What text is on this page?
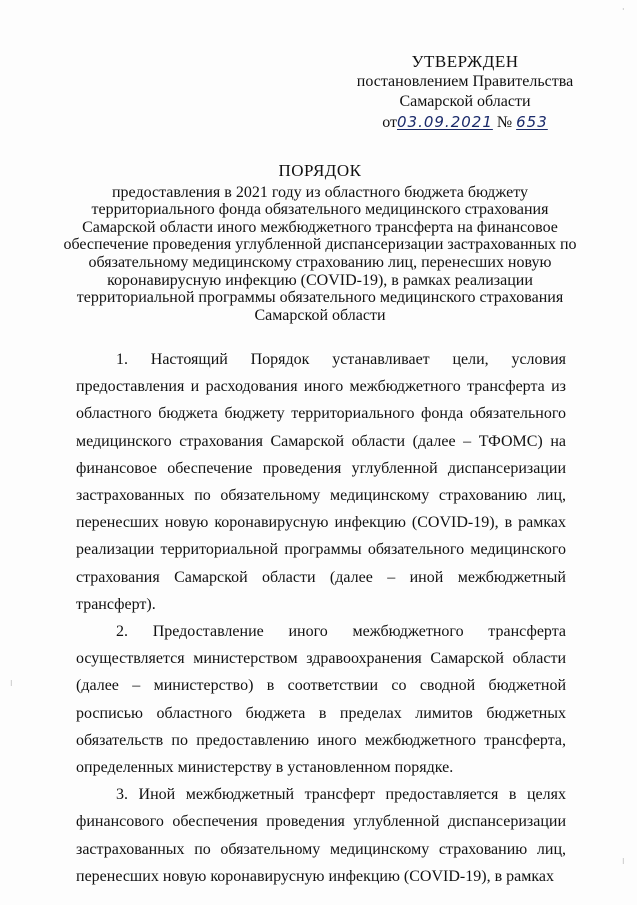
УТВЕРЖДЕН
постановлением Правительства
Самарской области
от03.09.2021 № 653
ПОРЯДОК
предоставления в 2021 году из областного бюджета бюджету
территориального фонда обязательного медицинского страхования
Самарской области иного межбюджетного трансферта на финансовое
обеспечение проведения углубленной диспансеризации застрахованных по
обязательному медицинскому страхованию лиц, перенесших новую
коронавирусную инфекцию (COVID-19), в рамках реализации
территориальной программы обязательного медицинского страхования
Самарской области

1. Настоящий Порядок устанавливает цели, условия предоставления и расходования иного межбюджетного трансферта из областного бюджета бюджету территориального фонда обязательного медицинского страхования Самарской области (далее – ТФОМС) на финансовое обеспечение проведения углубленной диспансеризации застрахованных по обязательному медицинскому страхованию лиц, перенесших новую коронавирусную инфекцию (COVID-19), в рамках реализации территориальной программы обязательного медицинского страхования Самарской области (далее – иной межбюджетный трансферт).

2. Предоставление иного межбюджетного трансферта осуществляется министерством здравоохранения Самарской области (далее – министерство) в соответствии со сводной бюджетной росписью областного бюджета в пределах лимитов бюджетных обязательств по предоставлению иного межбюджетного трансферта, определенных министерству в установленном порядке.

3. Иной межбюджетный трансферт предоставляется в целях финансового обеспечения проведения углубленной диспансеризации застрахованных по обязательному медицинскому страхованию лиц, перенесших новую коронавирусную инфекцию (COVID-19), в рамках

·
⁝
⁝
